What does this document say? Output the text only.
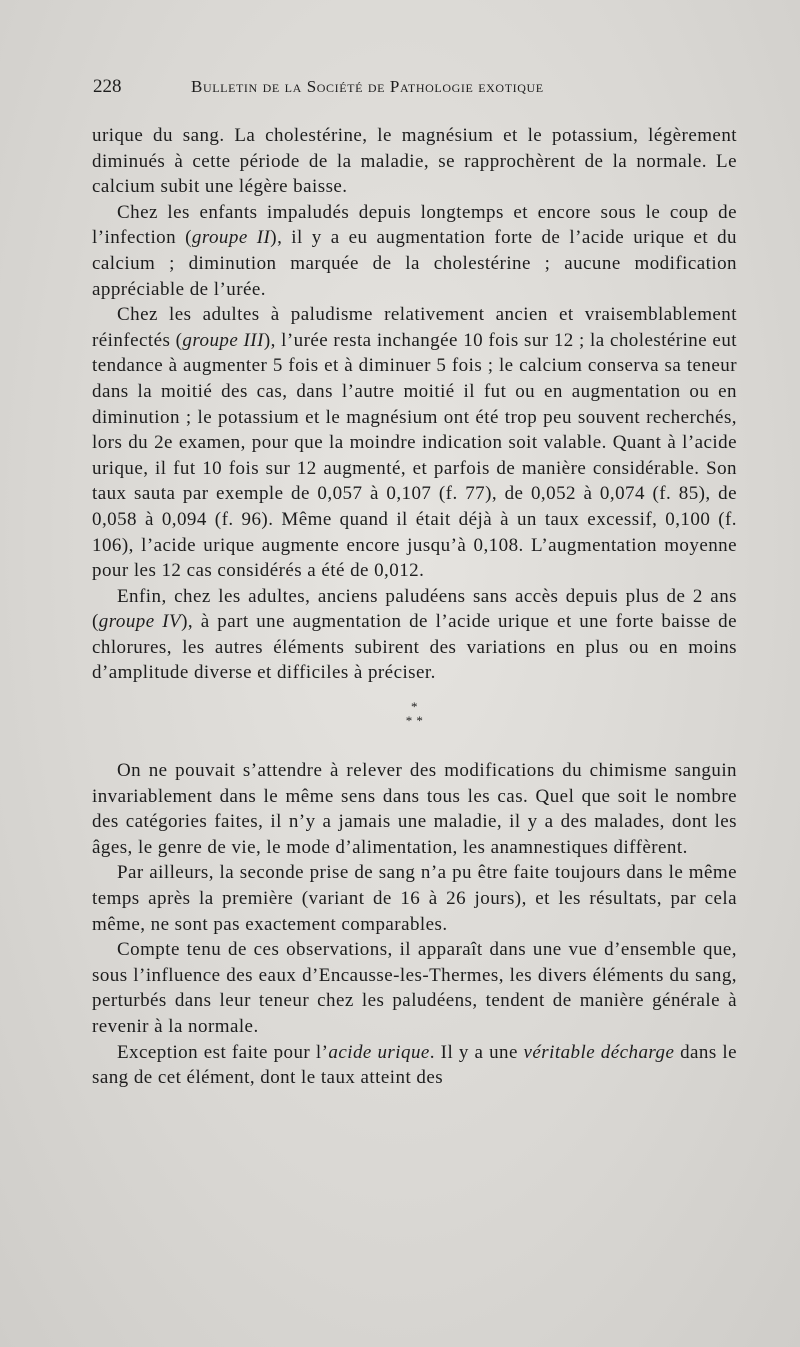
228	Bulletin de la Société de Pathologie exotique

urique du sang. La cholestérine, le magnésium et le potassium, légèrement diminués à cette période de la maladie, se rapprochèrent de la normale. Le calcium subit une légère baisse.

Chez les enfants impaludés depuis longtemps et encore sous le coup de l’infection (groupe II), il y a eu augmentation forte de l’acide urique et du calcium ; diminution marquée de la cholestérine ; aucune modification appréciable de l’urée.

Chez les adultes à paludisme relativement ancien et vraisemblablement réinfectés (groupe III), l’urée resta inchangée 10 fois sur 12 ; la cholestérine eut tendance à augmenter 5 fois et à diminuer 5 fois ; le calcium conserva sa teneur dans la moitié des cas, dans l’autre moitié il fut ou en augmentation ou en diminution ; le potassium et le magnésium ont été trop peu souvent recherchés, lors du 2e examen, pour que la moindre indication soit valable. Quant à l’acide urique, il fut 10 fois sur 12 augmenté, et parfois de manière considérable. Son taux sauta par exemple de 0,057 à 0,107 (f. 77), de 0,052 à 0,074 (f. 85), de 0,058 à 0,094 (f. 96). Même quand il était déjà à un taux excessif, 0,100 (f. 106), l’acide urique augmente encore jusqu’à 0,108. L’augmentation moyenne pour les 12 cas considérés a été de 0,012.

Enfin, chez les adultes, anciens paludéens sans accès depuis plus de 2 ans (groupe IV), à part une augmentation de l’acide urique et une forte baisse de chlorures, les autres éléments subirent des variations en plus ou en moins d’amplitude diverse et difficiles à préciser.

*
* *

On ne pouvait s’attendre à relever des modifications du chimisme sanguin invariablement dans le même sens dans tous les cas. Quel que soit le nombre des catégories faites, il n’y a jamais une maladie, il y a des malades, dont les âges, le genre de vie, le mode d’alimentation, les anamnestiques diffèrent.

Par ailleurs, la seconde prise de sang n’a pu être faite toujours dans le même temps après la première (variant de 16 à 26 jours), et les résultats, par cela même, ne sont pas exactement comparables.

Compte tenu de ces observations, il apparaît dans une vue d’ensemble que, sous l’influence des eaux d’Encausse-les-Thermes, les divers éléments du sang, perturbés dans leur teneur chez les paludéens, tendent de manière générale à revenir à la normale.

Exception est faite pour l’acide urique. Il y a une véritable décharge dans le sang de cet élément, dont le taux atteint des
